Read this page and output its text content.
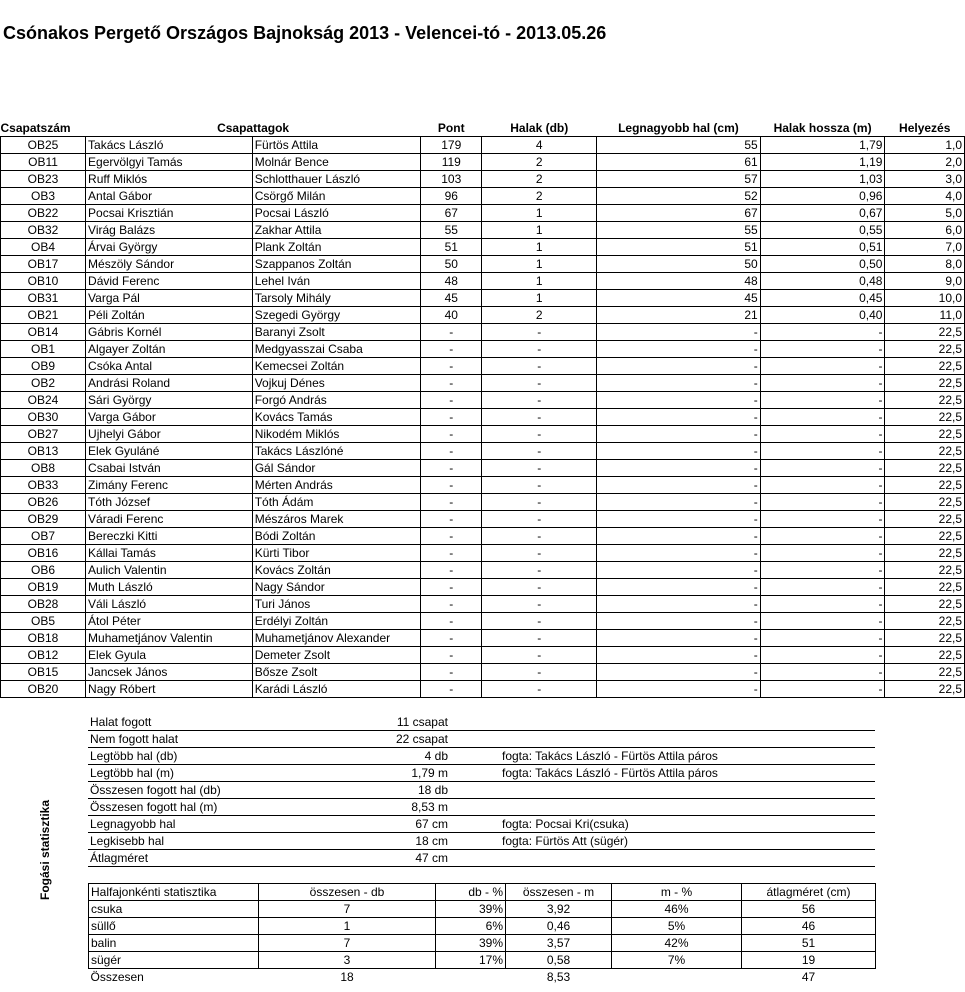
Csónakos Pergető Országos Bajnokság 2013 - Velencei-tó - 2013.05.26
Csapatszám	Csapattagok		Pont	Halak (db)	Legnagyobb hal (cm)	Halak hossza (m)	Helyezés
OB25	Takács László	Fürtös Attila	179	4	55	1,79	1,0
OB11	Egervölgyi Tamás	Molnár Bence	119	2	61	1,19	2,0
OB23	Ruff Miklós	Schlotthauer László	103	2	57	1,03	3,0
OB3	Antal Gábor	Csörgő Milán	96	2	52	0,96	4,0
OB22	Pocsai Krisztián	Pocsai László	67	1	67	0,67	5,0
OB32	Virág Balázs	Zakhar Attila	55	1	55	0,55	6,0
OB4	Árvai György	Plank Zoltán	51	1	51	0,51	7,0
OB17	Mészöly Sándor	Szappanos Zoltán	50	1	50	0,50	8,0
OB10	Dávid Ferenc	Lehel Iván	48	1	48	0,48	9,0
OB31	Varga Pál	Tarsoly Mihály	45	1	45	0,45	10,0
OB21	Péli Zoltán	Szegedi György	40	2	21	0,40	11,0
OB14	Gábris Kornél	Baranyi Zsolt	-	-	-	-	22,5
OB1	Algayer Zoltán	Medgyasszai Csaba	-	-	-	-	22,5
OB9	Csóka Antal	Kemecsei Zoltán	-	-	-	-	22,5
OB2	Andrási Roland	Vojkuj Dénes	-	-	-	-	22,5
OB24	Sári György	Forgó András	-	-	-	-	22,5
OB30	Varga Gábor	Kovács Tamás	-	-	-	-	22,5
OB27	Ujhelyi Gábor	Nikodém Miklós	-	-	-	-	22,5
OB13	Elek Gyuláné	Takács Lászlóné	-	-	-	-	22,5
OB8	Csabai István	Gál Sándor	-	-	-	-	22,5
OB33	Zimány Ferenc	Mérten András	-	-	-	-	22,5
OB26	Tóth József	Tóth Ádám	-	-	-	-	22,5
OB29	Váradi Ferenc	Mészáros Marek	-	-	-	-	22,5
OB7	Bereczki Kitti	Bódi Zoltán	-	-	-	-	22,5
OB16	Kállai Tamás	Kürti Tibor	-	-	-	-	22,5
OB6	Aulich Valentin	Kovács Zoltán	-	-	-	-	22,5
OB19	Muth László	Nagy Sándor	-	-	-	-	22,5
OB28	Váli László	Turi János	-	-	-	-	22,5
OB5	Átol Péter	Erdélyi Zoltán	-	-	-	-	22,5
OB18	Muhametjánov Valentin	Muhametjánov Alexander	-	-	-	-	22,5
OB12	Elek Gyula	Demeter Zsolt	-	-	-	-	22,5
OB15	Jancsek János	Bősze Zsolt	-	-	-	-	22,5
OB20	Nagy Róbert	Karádi László	-	-	-	-	22,5
Fogási statisztika
Halat fogott	11 csapat	
Nem fogott halat	22 csapat	
Legtöbb hal (db)	4 db	fogta: Takács László - Fürtös Attila páros
Legtöbb hal (m)	1,79 m	fogta: Takács László - Fürtös Attila páros
Összesen fogott hal (db)	18 db	
Összesen fogott hal (m)	8,53 m	
Legnagyobb hal	67 cm	fogta: Pocsai Kri(csuka)
Legkisebb hal	18 cm	fogta: Fürtös Att (sügér)
Átlagméret	47 cm	
Halfajonkénti statisztika	összesen - db	db - %	összesen - m	m - %	átlagméret (cm)
csuka	7	39%	3,92	46%	56
süllő	1	6%	0,46	5%	46
balin	7	39%	3,57	42%	51
sügér	3	17%	0,58	7%	19
Összesen	18		8,53		47
